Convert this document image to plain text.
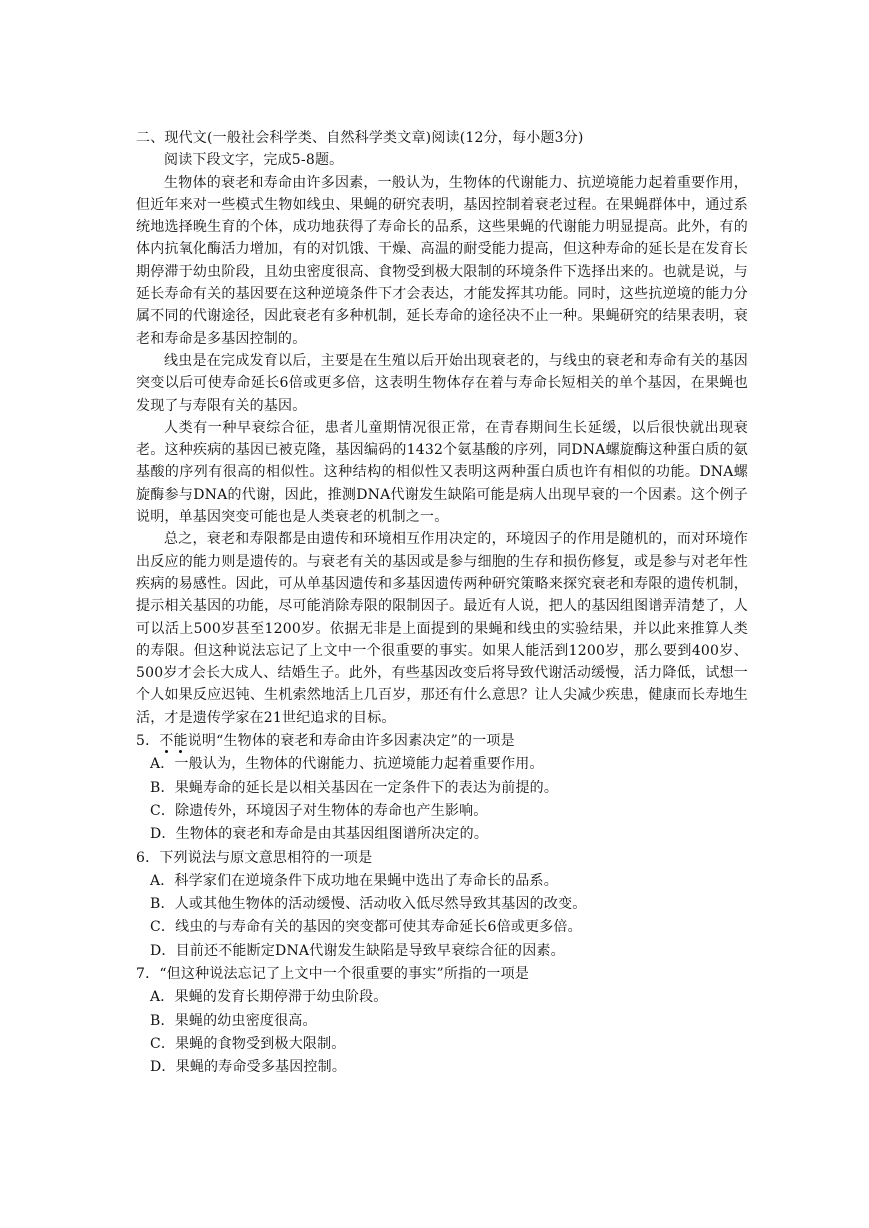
二、现代文(一般社会科学类、自然科学类文章)阅读(12分，每小题3分)
阅读下段文字，完成5-8题。

生物体的衰老和寿命由许多因素，一般认为，生物体的代谢能力、抗逆境能力起着重要作用，但近年来对一些模式生物如线虫、果蝇的研究表明，基因控制着衰老过程。在果蝇群体中，通过系统地选择晚生育的个体，成功地获得了寿命长的品系，这些果蝇的代谢能力明显提高。此外，有的体内抗氧化酶活力增加，有的对饥饿、干燥、高温的耐受能力提高，但这种寿命的延长是在发育长期停滞于幼虫阶段，且幼虫密度很高、食物受到极大限制的环境条件下选择出来的。也就是说，与延长寿命有关的基因要在这种逆境条件下才会表达，才能发挥其功能。同时，这些抗逆境的能力分属不同的代谢途径，因此衰老有多种机制，延长寿命的途径决不止一种。果蝇研究的结果表明，衰老和寿命是多基因控制的。

线虫是在完成发育以后，主要是在生殖以后开始出现衰老的，与线虫的衰老和寿命有关的基因突变以后可使寿命延长6倍或更多倍，这表明生物体存在着与寿命长短相关的单个基因，在果蝇也发现了与寿限有关的基因。

人类有一种早衰综合征，患者儿童期情况很正常，在青春期间生长延缓，以后很快就出现衰老。这种疾病的基因已被克隆，基因编码的1432个氨基酸的序列，同DNA螺旋酶这种蛋白质的氨基酸的序列有很高的相似性。这种结构的相似性又表明这两种蛋白质也许有相似的功能。DNA螺旋酶参与DNA的代谢，因此，推测DNA代谢发生缺陷可能是病人出现早衰的一个因素。这个例子说明，单基因突变可能也是人类衰老的机制之一。

总之，衰老和寿限都是由遗传和环境相互作用决定的，环境因子的作用是随机的，而对环境作出反应的能力则是遗传的。与衰老有关的基因或是参与细胞的生存和损伤修复，或是参与对老年性疾病的易感性。因此，可从单基因遗传和多基因遗传两种研究策略来探究衰老和寿限的遗传机制，提示相关基因的功能，尽可能消除寿限的限制因子。最近有人说，把人的基因组图谱弄清楚了，人可以活上500岁甚至1200岁。依据无非是上面提到的果蝇和线虫的实验结果，并以此来推算人类的寿限。但这种说法忘记了上文中一个很重要的事实。如果人能活到1200岁，那么要到400岁、500岁才会长大成人、结婚生子。此外，有些基因改变后将导致代谢活动缓慢，活力降低，试想一个人如果反应迟钝、生机索然地活上几百岁，那还有什么意思？让人尖减少疾患，健康而长寿地生活，才是遗传学家在21世纪追求的目标。

5．不能说明“生物体的衰老和寿命由许多因素决定”的一项是
A．一般认为，生物体的代谢能力、抗逆境能力起着重要作用。
B．果蝇寿命的延长是以相关基因在一定条件下的表达为前提的。
C．除遗传外，环境因子对生物体的寿命也产生影响。
D．生物体的衰老和寿命是由其基因组图谱所决定的。
6．下列说法与原文意思相符的一项是
A．科学家们在逆境条件下成功地在果蝇中选出了寿命长的品系。
B．人或其他生物体的活动缓慢、活动收入低尽然导致其基因的改变。
C．线虫的与寿命有关的基因的突变都可使其寿命延长6倍或更多倍。
D．目前还不能断定DNA代谢发生缺陷是导致早衰综合征的因素。
7．“但这种说法忘记了上文中一个很重要的事实”所指的一项是
A．果蝇的发育长期停滞于幼虫阶段。
B．果蝇的幼虫密度很高。
C．果蝇的食物受到极大限制。
D．果蝇的寿命受多基因控制。
